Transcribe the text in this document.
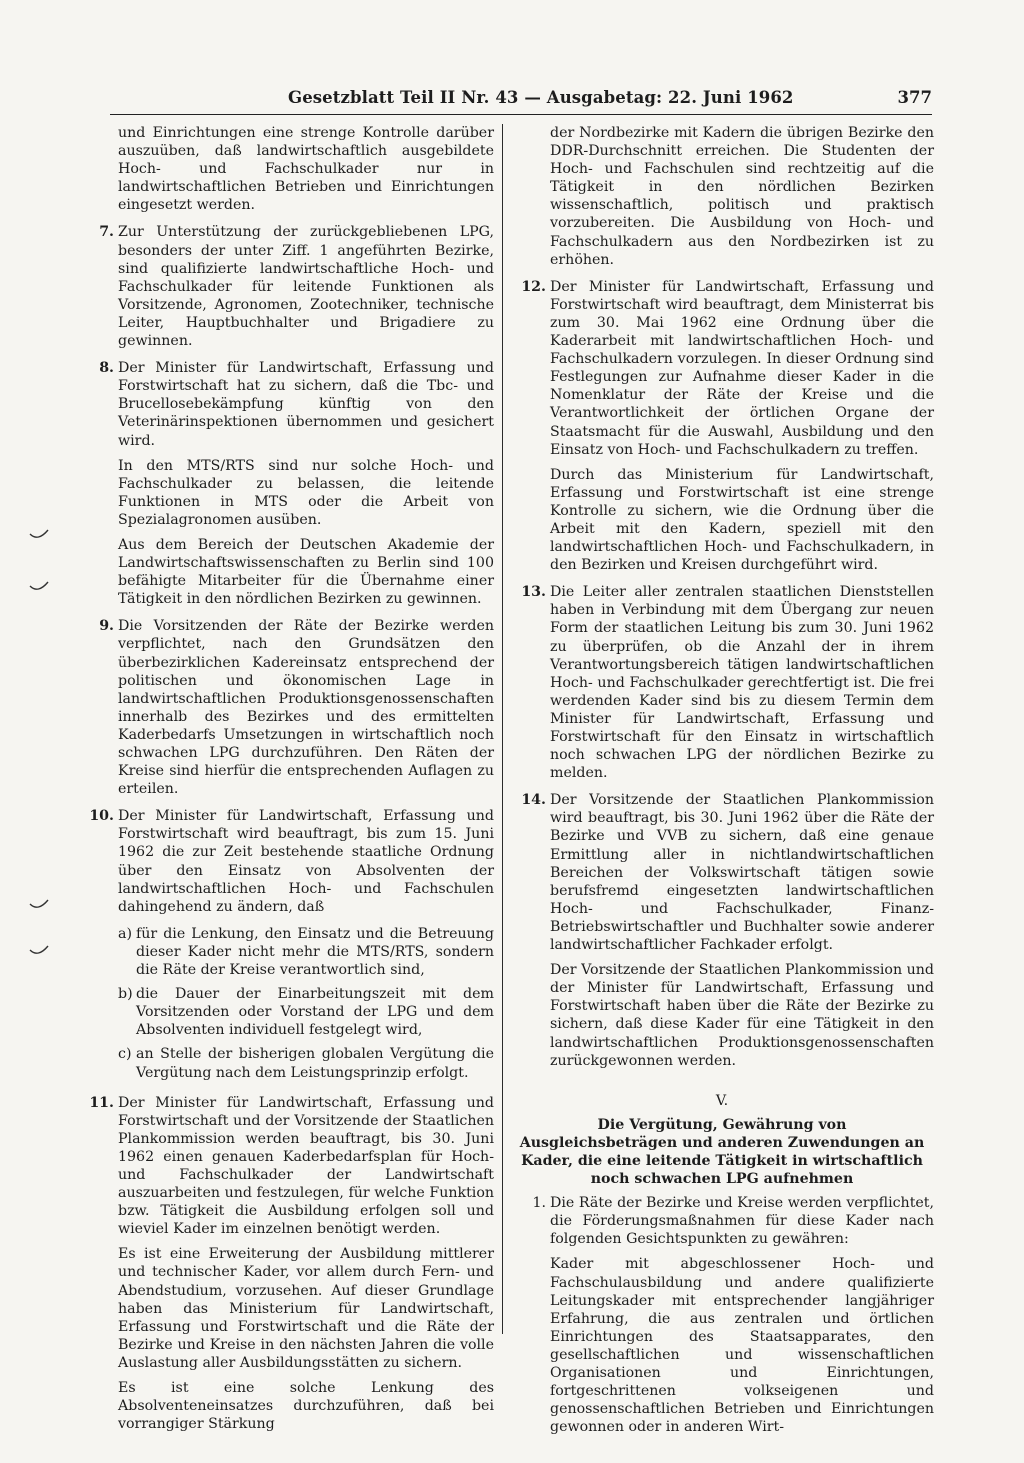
Gesetzblatt Teil II Nr. 43 — Ausgabetag: 22. Juni 1962	377

und Einrichtungen eine strenge Kontrolle darüber auszuüben, daß landwirtschaftlich ausgebildete Hoch- und Fachschulkader nur in landwirtschaftlichen Betrieben und Einrichtungen eingesetzt werden.

7. Zur Unterstützung der zurückgebliebenen LPG, besonders der unter Ziff. 1 angeführten Bezirke, sind qualifizierte landwirtschaftliche Hoch- und Fachschulkader für leitende Funktionen als Vorsitzende, Agronomen, Zootechniker, technische Leiter, Hauptbuchhalter und Brigadiere zu gewinnen.

8. Der Minister für Landwirtschaft, Erfassung und Forstwirtschaft hat zu sichern, daß die Tbc- und Brucellosebekämpfung künftig von den Veterinärinspektionen übernommen und gesichert wird.

In den MTS/RTS sind nur solche Hoch- und Fachschulkader zu belassen, die leitende Funktionen in MTS oder die Arbeit von Spezialagronomen ausüben.

Aus dem Bereich der Deutschen Akademie der Landwirtschaftswissenschaften zu Berlin sind 100 befähigte Mitarbeiter für die Übernahme einer Tätigkeit in den nördlichen Bezirken zu gewinnen.

9. Die Vorsitzenden der Räte der Bezirke werden verpflichtet, nach den Grundsätzen den überbezirklichen Kadereinsatz entsprechend der politischen und ökonomischen Lage in landwirtschaftlichen Produktionsgenossenschaften innerhalb des Bezirkes und des ermittelten Kaderbedarfs Umsetzungen in wirtschaftlich noch schwachen LPG durchzuführen. Den Räten der Kreise sind hierfür die entsprechenden Auflagen zu erteilen.

10. Der Minister für Landwirtschaft, Erfassung und Forstwirtschaft wird beauftragt, bis zum 15. Juni 1962 die zur Zeit bestehende staatliche Ordnung über den Einsatz von Absolventen der landwirtschaftlichen Hoch- und Fachschulen dahingehend zu ändern, daß

a) für die Lenkung, den Einsatz und die Betreuung dieser Kader nicht mehr die MTS/RTS, sondern die Räte der Kreise verantwortlich sind,
b) die Dauer der Einarbeitungszeit mit dem Vorsitzenden oder Vorstand der LPG und dem Absolventen individuell festgelegt wird,
c) an Stelle der bisherigen globalen Vergütung die Vergütung nach dem Leistungsprinzip erfolgt.
11. Der Minister für Landwirtschaft, Erfassung und Forstwirtschaft und der Vorsitzende der Staatlichen Plankommission werden beauftragt, bis 30. Juni 1962 einen genauen Kaderbedarfsplan für Hoch- und Fachschulkader der Landwirtschaft auszuarbeiten und festzulegen, für welche Funktion bzw. Tätigkeit die Ausbildung erfolgen soll und wieviel Kader im einzelnen benötigt werden.

Es ist eine Erweiterung der Ausbildung mittlerer und technischer Kader, vor allem durch Fern- und Abendstudium, vorzusehen. Auf dieser Grundlage haben das Ministerium für Landwirtschaft, Erfassung und Forstwirtschaft und die Räte der Bezirke und Kreise in den nächsten Jahren die volle Auslastung aller Ausbildungsstätten zu sichern.

Es ist eine solche Lenkung des Absolventeneinsatzes durchzuführen, daß bei vorrangiger Stärkung

der Nordbezirke mit Kadern die übrigen Bezirke den DDR-Durchschnitt erreichen. Die Studenten der Hoch- und Fachschulen sind rechtzeitig auf die Tätigkeit in den nördlichen Bezirken wissenschaftlich, politisch und praktisch vorzubereiten. Die Ausbildung von Hoch- und Fachschulkadern aus den Nordbezirken ist zu erhöhen.

12. Der Minister für Landwirtschaft, Erfassung und Forstwirtschaft wird beauftragt, dem Ministerrat bis zum 30. Mai 1962 eine Ordnung über die Kaderarbeit mit landwirtschaftlichen Hoch- und Fachschulkadern vorzulegen. In dieser Ordnung sind Festlegungen zur Aufnahme dieser Kader in die Nomenklatur der Räte der Kreise und die Verantwortlichkeit der örtlichen Organe der Staatsmacht für die Auswahl, Ausbildung und den Einsatz von Hoch- und Fachschulkadern zu treffen.

Durch das Ministerium für Landwirtschaft, Erfassung und Forstwirtschaft ist eine strenge Kontrolle zu sichern, wie die Ordnung über die Arbeit mit den Kadern, speziell mit den landwirtschaftlichen Hoch- und Fachschulkadern, in den Bezirken und Kreisen durchgeführt wird.

13. Die Leiter aller zentralen staatlichen Dienststellen haben in Verbindung mit dem Übergang zur neuen Form der staatlichen Leitung bis zum 30. Juni 1962 zu überprüfen, ob die Anzahl der in ihrem Verantwortungsbereich tätigen landwirtschaftlichen Hoch- und Fachschulkader gerechtfertigt ist. Die frei werdenden Kader sind bis zu diesem Termin dem Minister für Landwirtschaft, Erfassung und Forstwirtschaft für den Einsatz in wirtschaftlich noch schwachen LPG der nördlichen Bezirke zu melden.

14. Der Vorsitzende der Staatlichen Plankommission wird beauftragt, bis 30. Juni 1962 über die Räte der Bezirke und VVB zu sichern, daß eine genaue Ermittlung aller in nichtlandwirtschaftlichen Bereichen der Volkswirtschaft tätigen sowie berufsfremd eingesetzten landwirtschaftlichen Hoch- und Fachschulkader, Finanz-Betriebswirtschaftler und Buchhalter sowie anderer landwirtschaftlicher Fachkader erfolgt.

Der Vorsitzende der Staatlichen Plankommission und der Minister für Landwirtschaft, Erfassung und Forstwirtschaft haben über die Räte der Bezirke zu sichern, daß diese Kader für eine Tätigkeit in den landwirtschaftlichen Produktionsgenossenschaften zurückgewonnen werden.

V.
Die Vergütung, Gewährung von Ausgleichsbeträgen und anderen Zuwendungen an Kader, die eine leitende Tätigkeit in wirtschaftlich noch schwachen LPG aufnehmen
1. Die Räte der Bezirke und Kreise werden verpflichtet, die Förderungsmaßnahmen für diese Kader nach folgenden Gesichtspunkten zu gewähren:

Kader mit abgeschlossener Hoch- und Fachschulausbildung und andere qualifizierte Leitungskader mit entsprechender langjähriger Erfahrung, die aus zentralen und örtlichen Einrichtungen des Staatsapparates, den gesellschaftlichen und wissenschaftlichen Organisationen und Einrichtungen, fortgeschrittenen volkseigenen und genossenschaftlichen Betrieben und Einrichtungen gewonnen oder in anderen Wirt-
